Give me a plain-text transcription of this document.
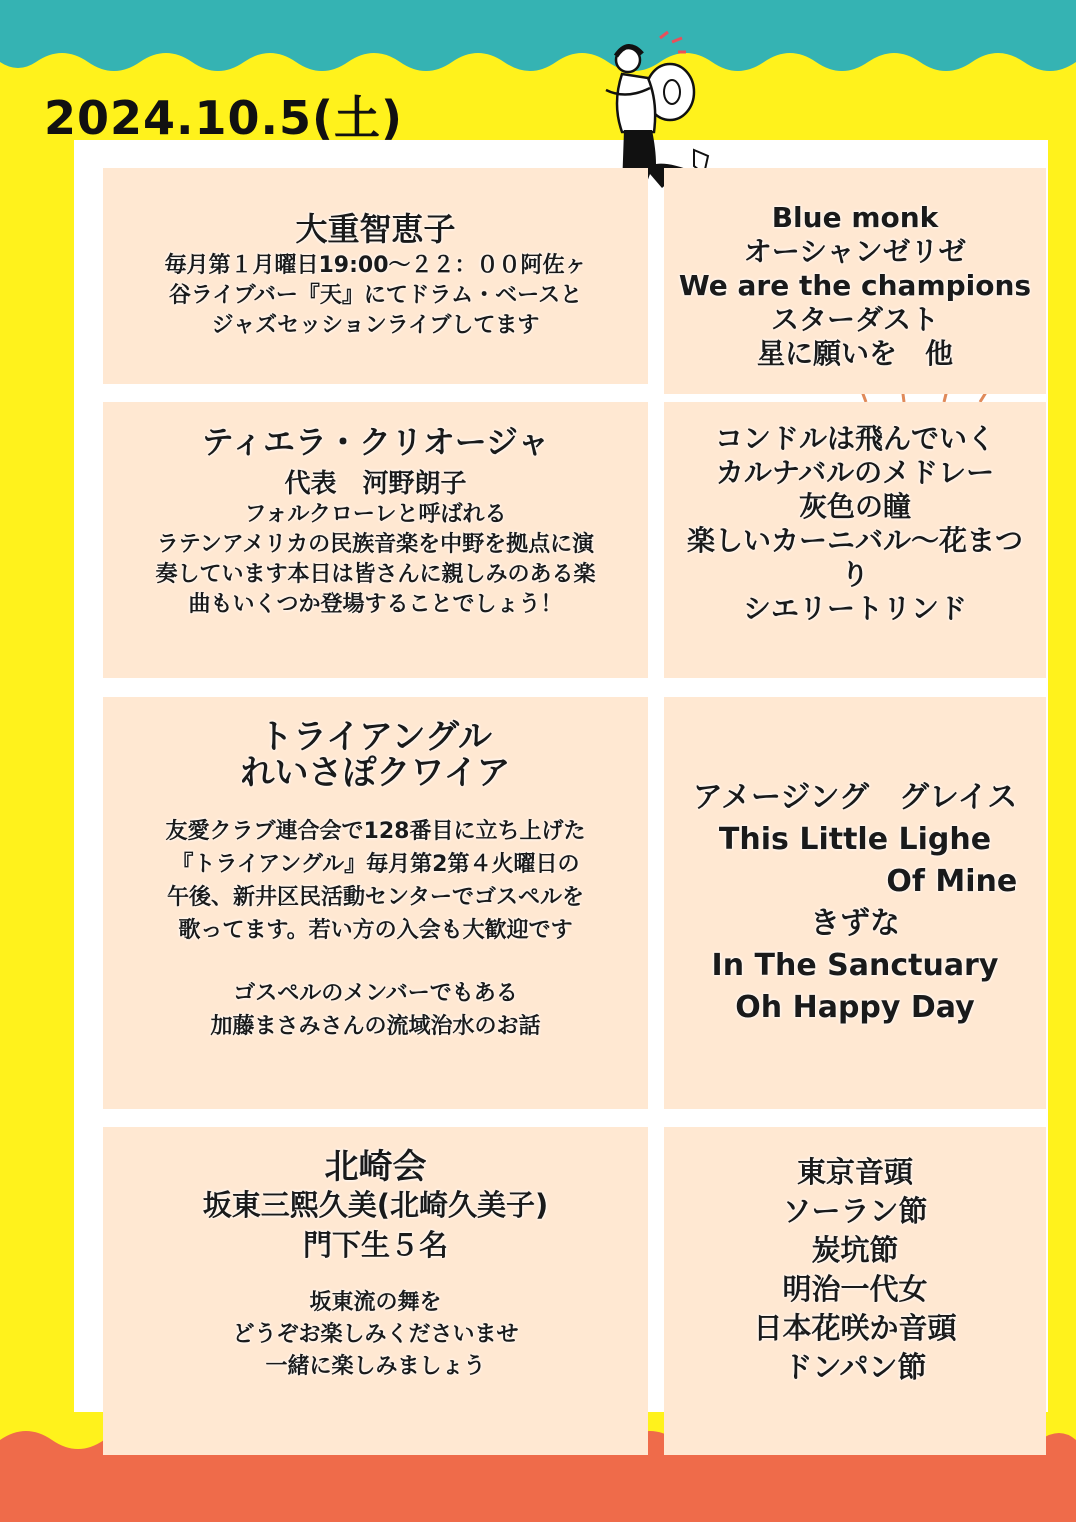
2024.10.5(土)
大重智恵子
毎月第１月曜日19:00～２２：００阿佐ヶ
谷ライブバー『天』にてドラム・ベースと
ジャズセッションライブしてます
Blue monk
オーシャンゼリゼ
We are the champions
スターダスト
星に願いを　他
ティエラ・クリオージャ
代表　河野朗子
フォルクローレと呼ばれる
ラテンアメリカの民族音楽を中野を拠点に演
奏しています本日は皆さんに親しみのある楽
曲もいくつか登場することでしょう！
コンドルは飛んでいく
カルナバルのメドレー
灰色の瞳
楽しいカーニバル～花まつ
り
シエリートリンド
トライアングル
れいさぽクワイア
友愛クラブ連合会で128番目に立ち上げた
『トライアングル』毎月第2第４火曜日の
午後、新井区民活動センターでゴスペルを
歌ってます。若い方の入会も大歓迎です
ゴスペルのメンバーでもある
加藤まさみさんの流域治水のお話
アメージング　グレイス
This Little Lighe
Of Mine
きずな
In The Sanctuary
Oh Happy Day
北崎会
坂東三熙久美(北崎久美子)
門下生５名
坂東流の舞を
どうぞお楽しみくださいませ
一緒に楽しみましょう
東京音頭
ソーラン節
炭坑節
明治一代女
日本花咲か音頭
ドンパン節
